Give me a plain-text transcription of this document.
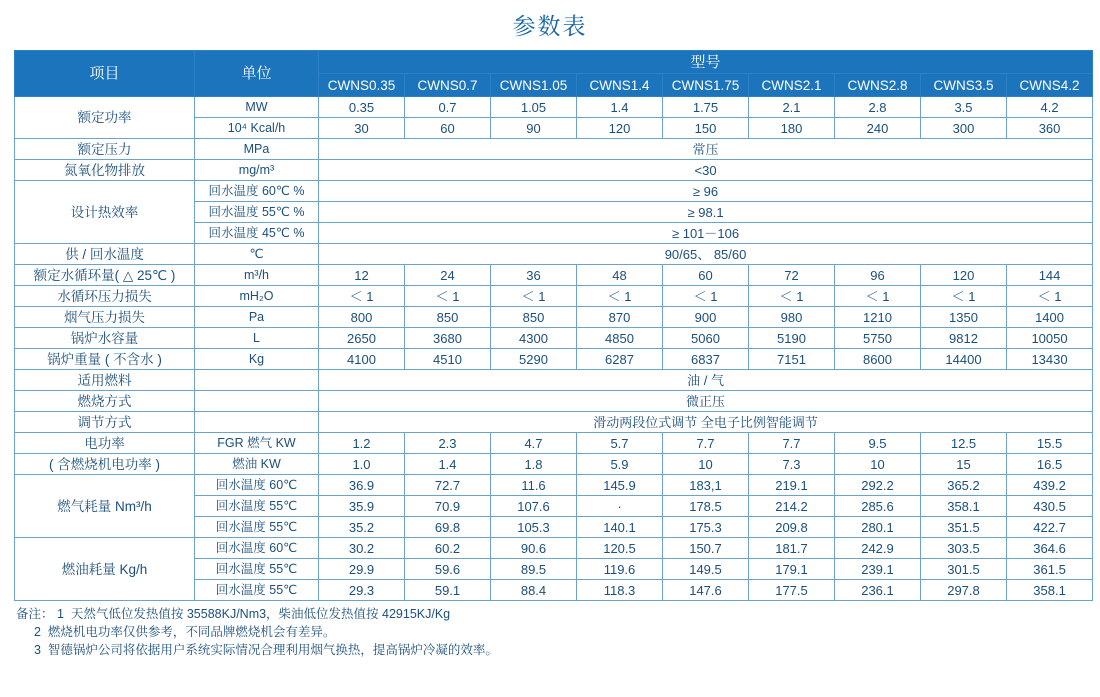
参数表
项目	单位	型号								
		CWNS0.35	CWNS0.7	CWNS1.05	CWNS1.4	CWNS1.75	CWNS2.1	CWNS2.8	CWNS3.5	CWNS4.2
额定功率	MW	0.35	0.7	1.05	1.4	1.75	2.1	2.8	3.5	4.2
	10⁴ Kcal/h	30	60	90	120	150	180	240	300	360
额定压力	MPa	常压								
氮氧化物排放	mg/m³	<30								
设计热效率	回水温度 60℃ %	≥ 96								
	回水温度 55℃ %	≥ 98.1								
	回水温度 45℃ %	≥ 101－106								
供 / 回水温度	℃	90/65、 85/60								
额定水循环量( △ 25℃ )	m³/h	12	24	36	48	60	72	96	120	144
水循环压力损失	mH₂O	＜ 1	＜ 1	＜ 1	＜ 1	＜ 1	＜ 1	＜ 1	＜ 1	＜ 1
烟气压力损失	Pa	800	850	850	870	900	980	1210	1350	1400
锅炉水容量	L	2650	3680	4300	4850	5060	5190	5750	9812	10050
锅炉重量 ( 不含水 )	Kg	4100	4510	5290	6287	6837	7151	8600	14400	13430
适用燃料		油 / 气								
燃烧方式		微正压								
调节方式		滑动两段位式调节 全电子比例智能调节								
电功率	FGR 燃气 KW	1.2	2.3	4.7	5.7	7.7	7.7	9.5	12.5	15.5
( 含燃烧机电功率 )	燃油 KW	1.0	1.4	1.8	5.9	10	7.3	10	15	16.5
燃气耗量 Nm³/h	回水温度 60℃	36.9	72.7	11.6	145.9	183,1	219.1	292.2	365.2	439.2
	回水温度 55℃	35.9	70.9	107.6	·	178.5	214.2	285.6	358.1	430.5
	回水温度 55℃	35.2	69.8	105.3	140.1	175.3	209.8	280.1	351.5	422.7
燃油耗量 Kg/h	回水温度 60℃	30.2	60.2	90.6	120.5	150.7	181.7	242.9	303.5	364.6
	回水温度 55℃	29.9	59.6	89.5	119.6	149.5	179.1	239.1	301.5	361.5
	回水温度 55℃	29.3	59.1	88.4	118.3	147.6	177.5	236.1	297.8	358.1
备注： 1  天然气低位发热值按 35588KJ/Nm3，柴油低位发热值按 42915KJ/Kg
2  燃烧机电功率仅供参考，不同品牌燃烧机会有差异。
3  智德锅炉公司将依据用户系统实际情况合理利用烟气换热，提高锅炉冷凝的效率。
